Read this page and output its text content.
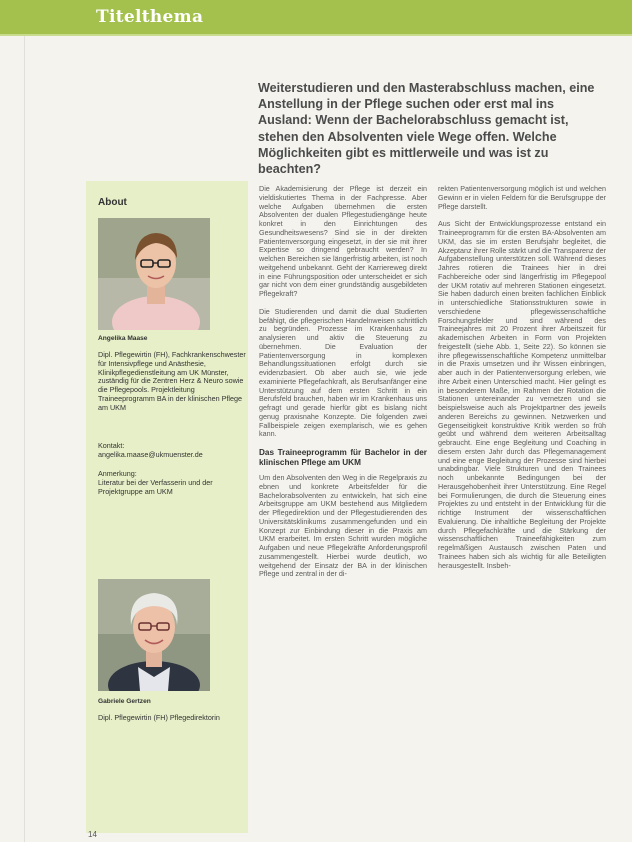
Titelthema
Weiterstudieren und den Masterabschluss machen, eine Anstellung in der Pflege suchen oder erst mal ins Ausland: Wenn der Bachelorabschluss gemacht ist, stehen den Absolventen viele Wege offen. Welche Möglichkeiten gibt es mittlerweile und was ist zu beachten?
About
Angelika Maase
Dipl. Pflegewirtin (FH), Fachkrankenschwester für Intensivpflege und Anästhesie, Klinikpflegedienstleitung am UK Münster, zuständig für die Zentren Herz & Neuro sowie die Pflegepools. Projektleitung Traineeprogramm BA in der klinischen Pflege am UKM
Kontakt:
angelika.maase@ukmuenster.de
Anmerkung:
Literatur bei der Verfasserin und der Projektgruppe am UKM
Gabriele Gertzen
Dipl. Pflegewirtin (FH) Pflegedirektorin

Die Akademisierung der Pflege ist derzeit ein vieldiskutiertes Thema in der Fachpresse. Aber welche Aufgaben übernehmen die ersten Absolventen der dualen Pflegestudiengänge heute konkret in den Einrichtungen des Gesundheitswesens? Sind sie in der direkten Patientenversorgung eingesetzt, in der sie mit ihrer Expertise so dringend gebraucht werden? In welchen Bereichen sie längerfristig arbeiten, ist noch weitgehend unbekannt. Geht der Karriereweg direkt in eine Führungsposition oder unterscheidet er sich gar nicht von dem einer grundständig ausgebildeten Pflegekraft?

Die Studierenden und damit die dual Studierten befähigt, die pflegerischen Handelnweisen schrittlich zu begründen. Prozesse im Krankenhaus zu analysieren und aktiv die Steuerung zu übernehmen. Die Evaluation der Patientenversorgung in komplexen Behandlungssituationen erfolgt durch sie evidenzbasiert. Ob aber auch sie, wie jede examinierte Pflegefachkraft, als Berufsanfänger eine Unterstützung auf dem ersten Schritt in ein Berufsfeld brauchen, haben wir im Krankenhaus uns gefragt und gerade hierfür gibt es bislang nicht genug praxisnahe Konzepte. Die folgenden zwei Fallbeispiele zeigen exemplarisch, wie es gehen kann.

Das Traineeprogramm für Bachelor in der klinischen Pflege am UKM

Um den Absolventen den Weg in die Regelpraxis zu ebnen und konkrete Arbeitsfelder für die Bachelorabsolventen zu entwickeln, hat sich eine Arbeitsgruppe am UKM bestehend aus Mitgliedern der Pflegedirektion und der Pflegestudierenden des Universitätsklinikums zusammengefunden und ein Konzept zur Einbindung dieser in die Praxis am UKM erarbeitet. Im ersten Schritt wurden mögliche Aufgaben und neue Pflegekräfte Anforderungsprofil zusammengestellt. Hierbei wurde deutlich, wo weitgehend der Einsatz der BA in der klinischen Pflege und zentral in der di-

rekten Patientenversorgung möglich ist und welchen Gewinn er in vielen Feldern für die Berufsgruppe der Pflege darstellt.

Aus Sicht der Entwicklungsprozesse entstand ein Traineeprogramm für die ersten BA-Absolventen am UKM, das sie im ersten Berufsjahr begleitet, die Akzeptanz ihrer Rolle stärkt und die Transparenz der Aufgabenstellung unterstützen soll. Während dieses Jahres rotieren die Trainees hier in drei Fachbereiche oder sind längerfristig im Pflegepool der UKM rotativ auf mehreren Stationen eingesetzt. Sie haben dadurch einen breiten fachlichen Einblick in unterschiedliche Stationsstrukturen sowie in verschiedene pflegewissenschaftliche Forschungsfelder und sind während des Traineejahres mit 20 Prozent ihrer Arbeitszeit für akademischen Arbeiten in Form von Projekten freigestellt (siehe Abb. 1, Seite 22). So können sie ihre pflegewissenschaftliche Kompetenz unmittelbar in die Praxis umsetzen und ihr Wissen einbringen, aber auch in der Patientenversorgung erleben, wie ihre Arbeit einen Unterschied macht. Hier gelingt es in besonderem Maße, im Rahmen der Rotation die Stationen untereinander zu vernetzen und sie beispielsweise auch als Projektpartner des jeweils anderen Bereichs zu gewinnen. Netzwerken und Gegenseitigkeit konstruktive Kritik werden so früh geübt und während dem weiteren Arbeitsalltag gebraucht. Eine enge Begleitung und Coaching in diesem ersten Jahr durch das Pflegemanagement und eine enge Begleitung der Prozesse sind hierbei unabdingbar. Viele Strukturen und den Trainees noch unbekannte Bedingungen bei der Herausgehobenheit ihrer Unterstützung. Eine Regel bei Formulierungen, die durch die Steuerung eines Projektes zu und entsteht in der Entwicklung für die richtige Instrument der wissenschaftlichen Evaluierung. Die inhaltliche Begleitung der Projekte durch Pflegefachkräfte und die Stärkung der wissenschaftlichen Traineefähigkeiten zum regelmäßigen Austausch zwischen Paten und Trainees haben sich als wichtig für alle Beteiligten herausgestellt. Insbeh-

14
